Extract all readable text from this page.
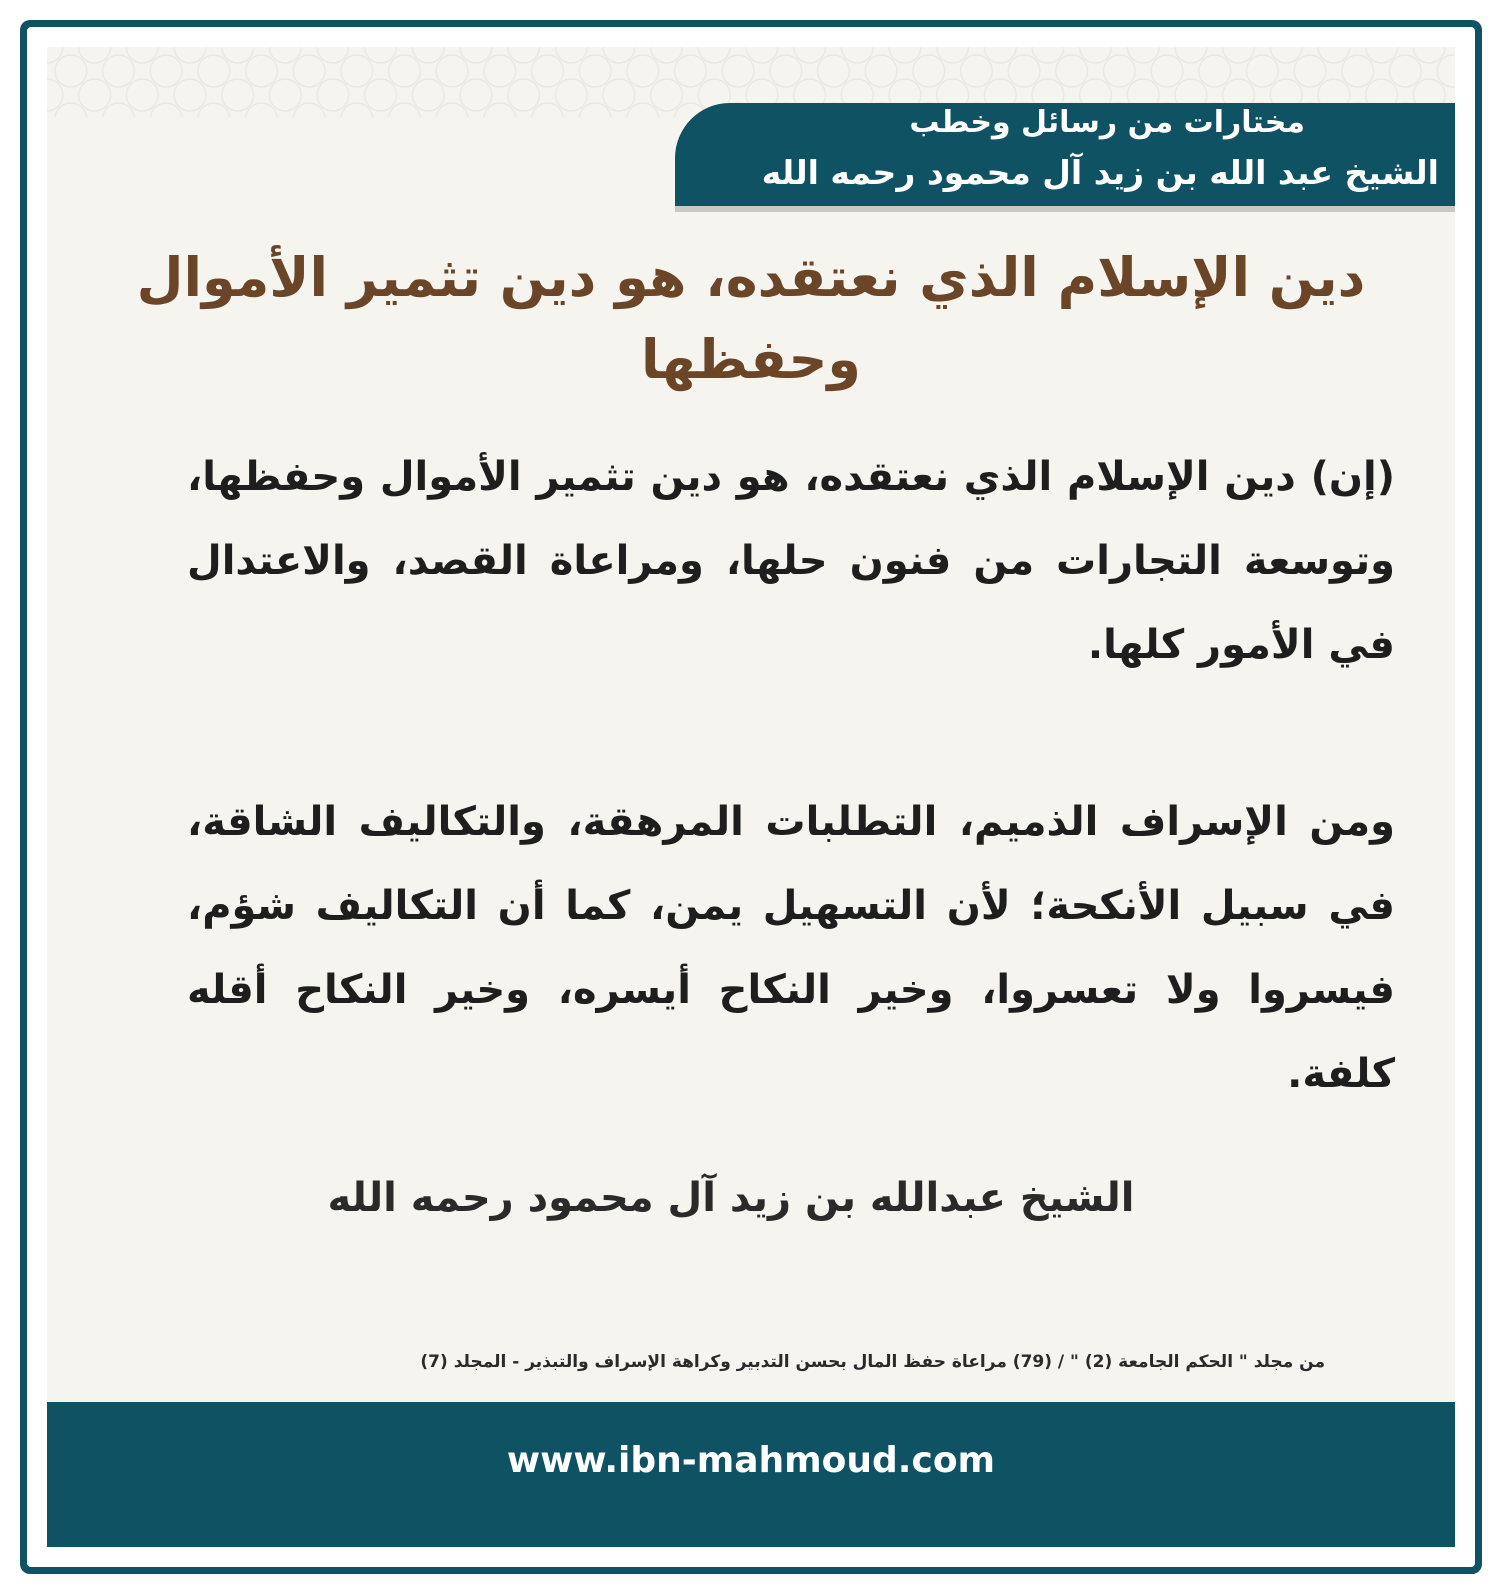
مختارات من رسائل وخطب
الشيخ عبد الله بن زيد آل محمود رحمه الله
دين الإسلام الذي نعتقده، هو دين تثمير الأموال وحفظها
(إن) دين الإسلام الذي نعتقده، هو دين تثمير الأموال وحفظها، وتوسعة التجارات من فنون حلها، ومراعاة القصد، والاعتدال في الأمور كلها.
ومن الإسراف الذميم، التطلبات المرهقة، والتكاليف الشاقة، في سبيل الأنكحة؛ لأن التسهيل يمن، كما أن التكاليف شؤم، فيسروا ولا تعسروا، وخير النكاح أيسره، وخير النكاح أقله كلفة.
الشيخ عبدالله بن زيد آل محمود رحمه الله
من مجلد " الحكم الجامعة (2) " / (79) مراعاة حفظ المال بحسن التدبير وكراهة الإسراف والتبذير - المجلد (7)
www.ibn-mahmoud.com
